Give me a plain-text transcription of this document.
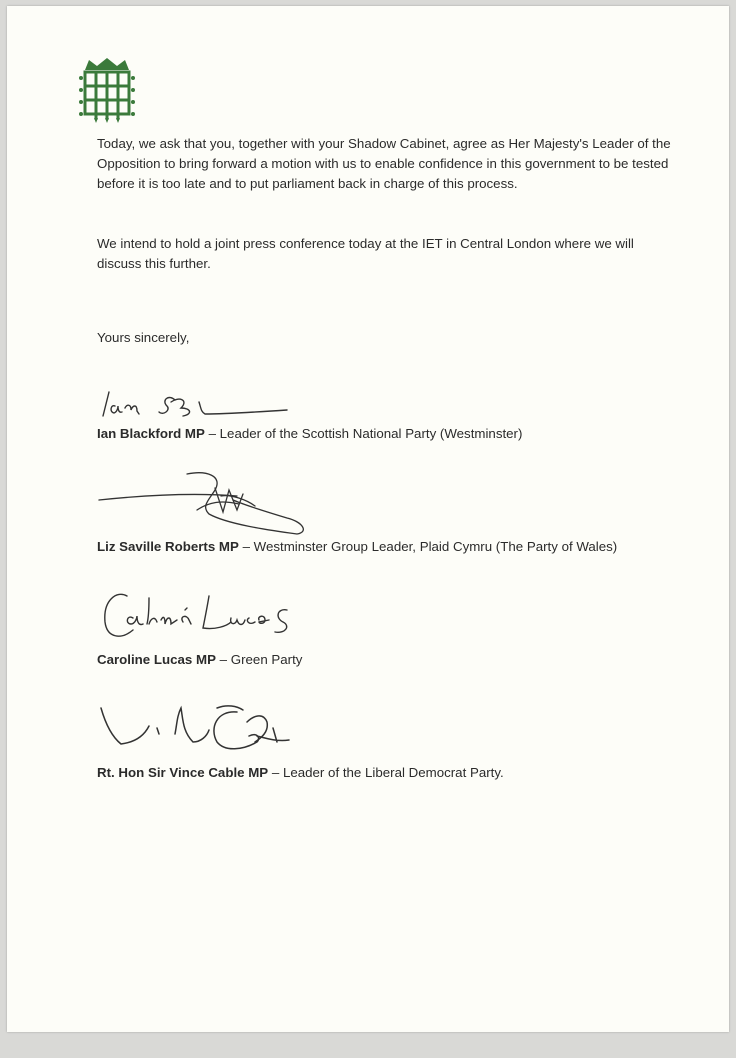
Today, we ask that you, together with your Shadow Cabinet, agree as Her Majesty's Leader of the Opposition to bring forward a motion with us to enable confidence in this government to be tested before it is too late and to put parliament back in charge of this process.

We intend to hold a joint press conference today at the IET in Central London where we will discuss this further.

Yours sincerely,

Ian Blackford MP – Leader of the Scottish National Party (Westminster)

Liz Saville Roberts MP – Westminster Group Leader, Plaid Cymru (The Party of Wales)

Caroline Lucas MP – Green Party

Rt. Hon Sir Vince Cable MP – Leader of the Liberal Democrat Party.
